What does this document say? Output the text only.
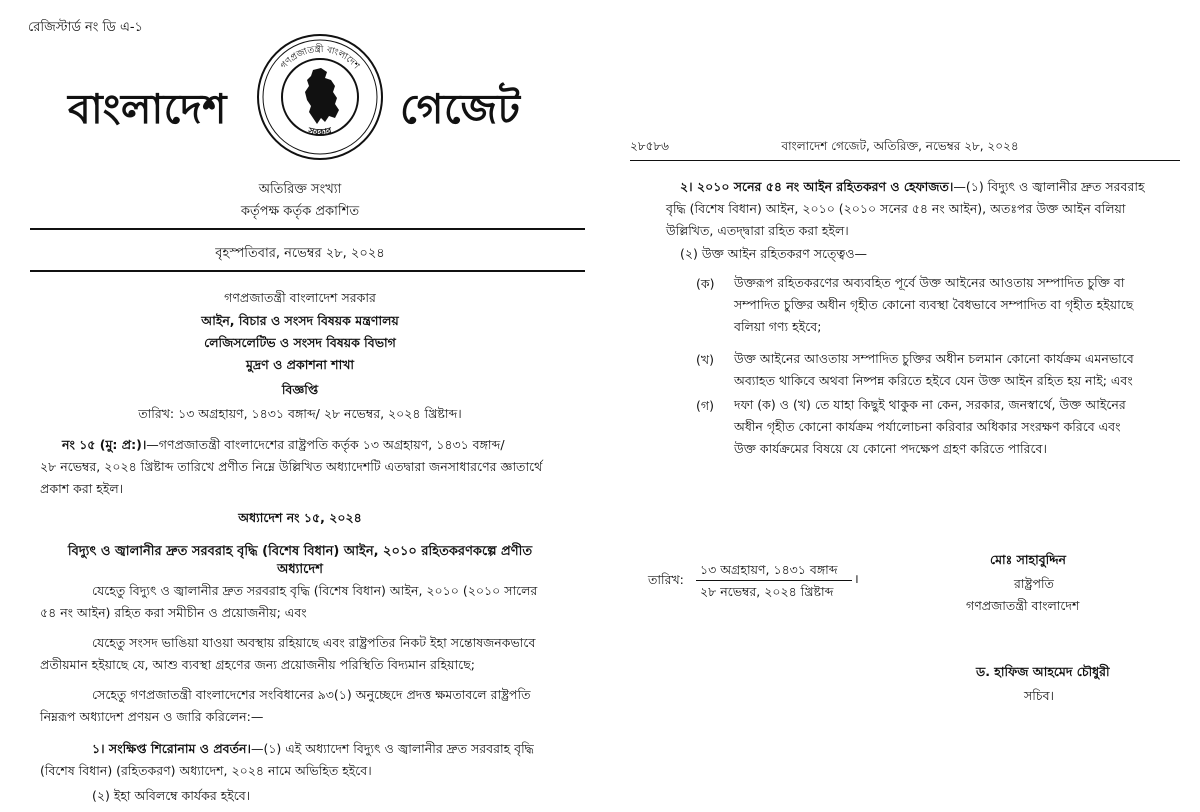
রেজিস্টার্ড নং ডি এ-১
বাংলাদেশ	গেজেট
গণপ্রজাতন্ত্রী বাংলাদেশ
সরকার
অতিরিক্ত সংখ্যা
কর্তৃপক্ষ কর্তৃক প্রকাশিত
বৃহস্পতিবার, নভেম্বর ২৮, ২০২৪
গণপ্রজাতন্ত্রী বাংলাদেশ সরকার
আইন, বিচার ও সংসদ বিষয়ক মন্ত্রণালয়
লেজিসলেটিভ ও সংসদ বিষয়ক বিভাগ
মুদ্রণ ও প্রকাশনা শাখা
বিজ্ঞপ্তি
তারিখ: ১৩ অগ্রহায়ণ, ১৪৩১ বঙ্গাব্দ/ ২৮ নভেম্বর, ২০২৪ খ্রিষ্টাব্দ।
নং ১৫ (মু: প্র:)।—গণপ্রজাতন্ত্রী বাংলাদেশের রাষ্ট্রপতি কর্তৃক ১৩ অগ্রহায়ণ, ১৪৩১ বঙ্গাব্দ/
২৮ নভেম্বর, ২০২৪ খ্রিষ্টাব্দ তারিখে প্রণীত নিম্নে উল্লিখিত অধ্যাদেশটি এতদ্বারা জনসাধারণের জ্ঞাতার্থে
প্রকাশ করা হইল।
অধ্যাদেশ নং ১৫, ২০২৪
বিদ্যুৎ ও জ্বালানীর দ্রুত সরবরাহ বৃদ্ধি (বিশেষ বিধান) আইন, ২০১০ রহিতকরণকল্পে প্রণীত
অধ্যাদেশ
যেহেতু বিদ্যুৎ ও জ্বালানীর দ্রুত সরবরাহ বৃদ্ধি (বিশেষ বিধান) আইন, ২০১০ (২০১০ সালের
৫৪ নং আইন) রহিত করা সমীচীন ও প্রয়োজনীয়; এবং
যেহেতু সংসদ ভাঙিয়া যাওয়া অবস্থায় রহিয়াছে এবং রাষ্ট্রপতির নিকট ইহা সন্তোষজনকভাবে
প্রতীয়মান হইয়াছে যে, আশু ব্যবস্থা গ্রহণের জন্য প্রয়োজনীয় পরিস্থিতি বিদ্যমান রহিয়াছে;
সেহেতু গণপ্রজাতন্ত্রী বাংলাদেশের সংবিধানের ৯৩(১) অনুচ্ছেদে প্রদত্ত ক্ষমতাবলে রাষ্ট্রপতি
নিম্নরূপ অধ্যাদেশ প্রণয়ন ও জারি করিলেন:—
১। সংক্ষিপ্ত শিরোনাম ও প্রবর্তন।—(১) এই অধ্যাদেশ বিদ্যুৎ ও জ্বালানীর দ্রুত সরবরাহ বৃদ্ধি
(বিশেষ বিধান) (রহিতকরণ) অধ্যাদেশ, ২০২৪ নামে অভিহিত হইবে।
(২) ইহা অবিলম্বে কার্যকর হইবে।
২৮৫৮৬	বাংলাদেশ গেজেট, অতিরিক্ত, নভেম্বর ২৮, ২০২৪
২। ২০১০ সনের ৫৪ নং আইন রহিতকরণ ও হেফাজত।—(১) বিদ্যুৎ ও জ্বালানীর দ্রুত সরবরাহ
বৃদ্ধি (বিশেষ বিধান) আইন, ২০১০ (২০১০ সনের ৫৪ নং আইন), অতঃপর উক্ত আইন বলিয়া
উল্লিখিত, এতদ্দ্বারা রহিত করা হইল।
(২) উক্ত আইন রহিতকরণ সত্ত্বেও—
(ক) উক্তরূপ রহিতকরণের অব্যবহিত পূর্বে উক্ত আইনের আওতায় সম্পাদিত চুক্তি বা
সম্পাদিত চুক্তির অধীন গৃহীত কোনো ব্যবস্থা বৈধভাবে সম্পাদিত বা গৃহীত হইয়াছে
বলিয়া গণ্য হইবে;
(খ) উক্ত আইনের আওতায় সম্পাদিত চুক্তির অধীন চলমান কোনো কার্যক্রম এমনভাবে
অব্যাহত থাকিবে অথবা নিষ্পন্ন করিতে হইবে যেন উক্ত আইন রহিত হয় নাই; এবং
(গ) দফা (ক) ও (খ) তে যাহা কিছুই থাকুক না কেন, সরকার, জনস্বার্থে, উক্ত আইনের
অধীন গৃহীত কোনো কার্যক্রম পর্যালোচনা করিবার অধিকার সংরক্ষণ করিবে এবং
উক্ত কার্যক্রমের বিষয়ে যে কোনো পদক্ষেপ গ্রহণ করিতে পারিবে।
তারিখ:
১৩ অগ্রহায়ণ, ১৪৩১ বঙ্গাব্দ
২৮ নভেম্বর, ২০২৪ খ্রিষ্টাব্দ
।
মোঃ সাহাবুদ্দিন
রাষ্ট্রপতি
গণপ্রজাতন্ত্রী বাংলাদেশ
ড. হাফিজ আহমেদ চৌধুরী
সচিব।
